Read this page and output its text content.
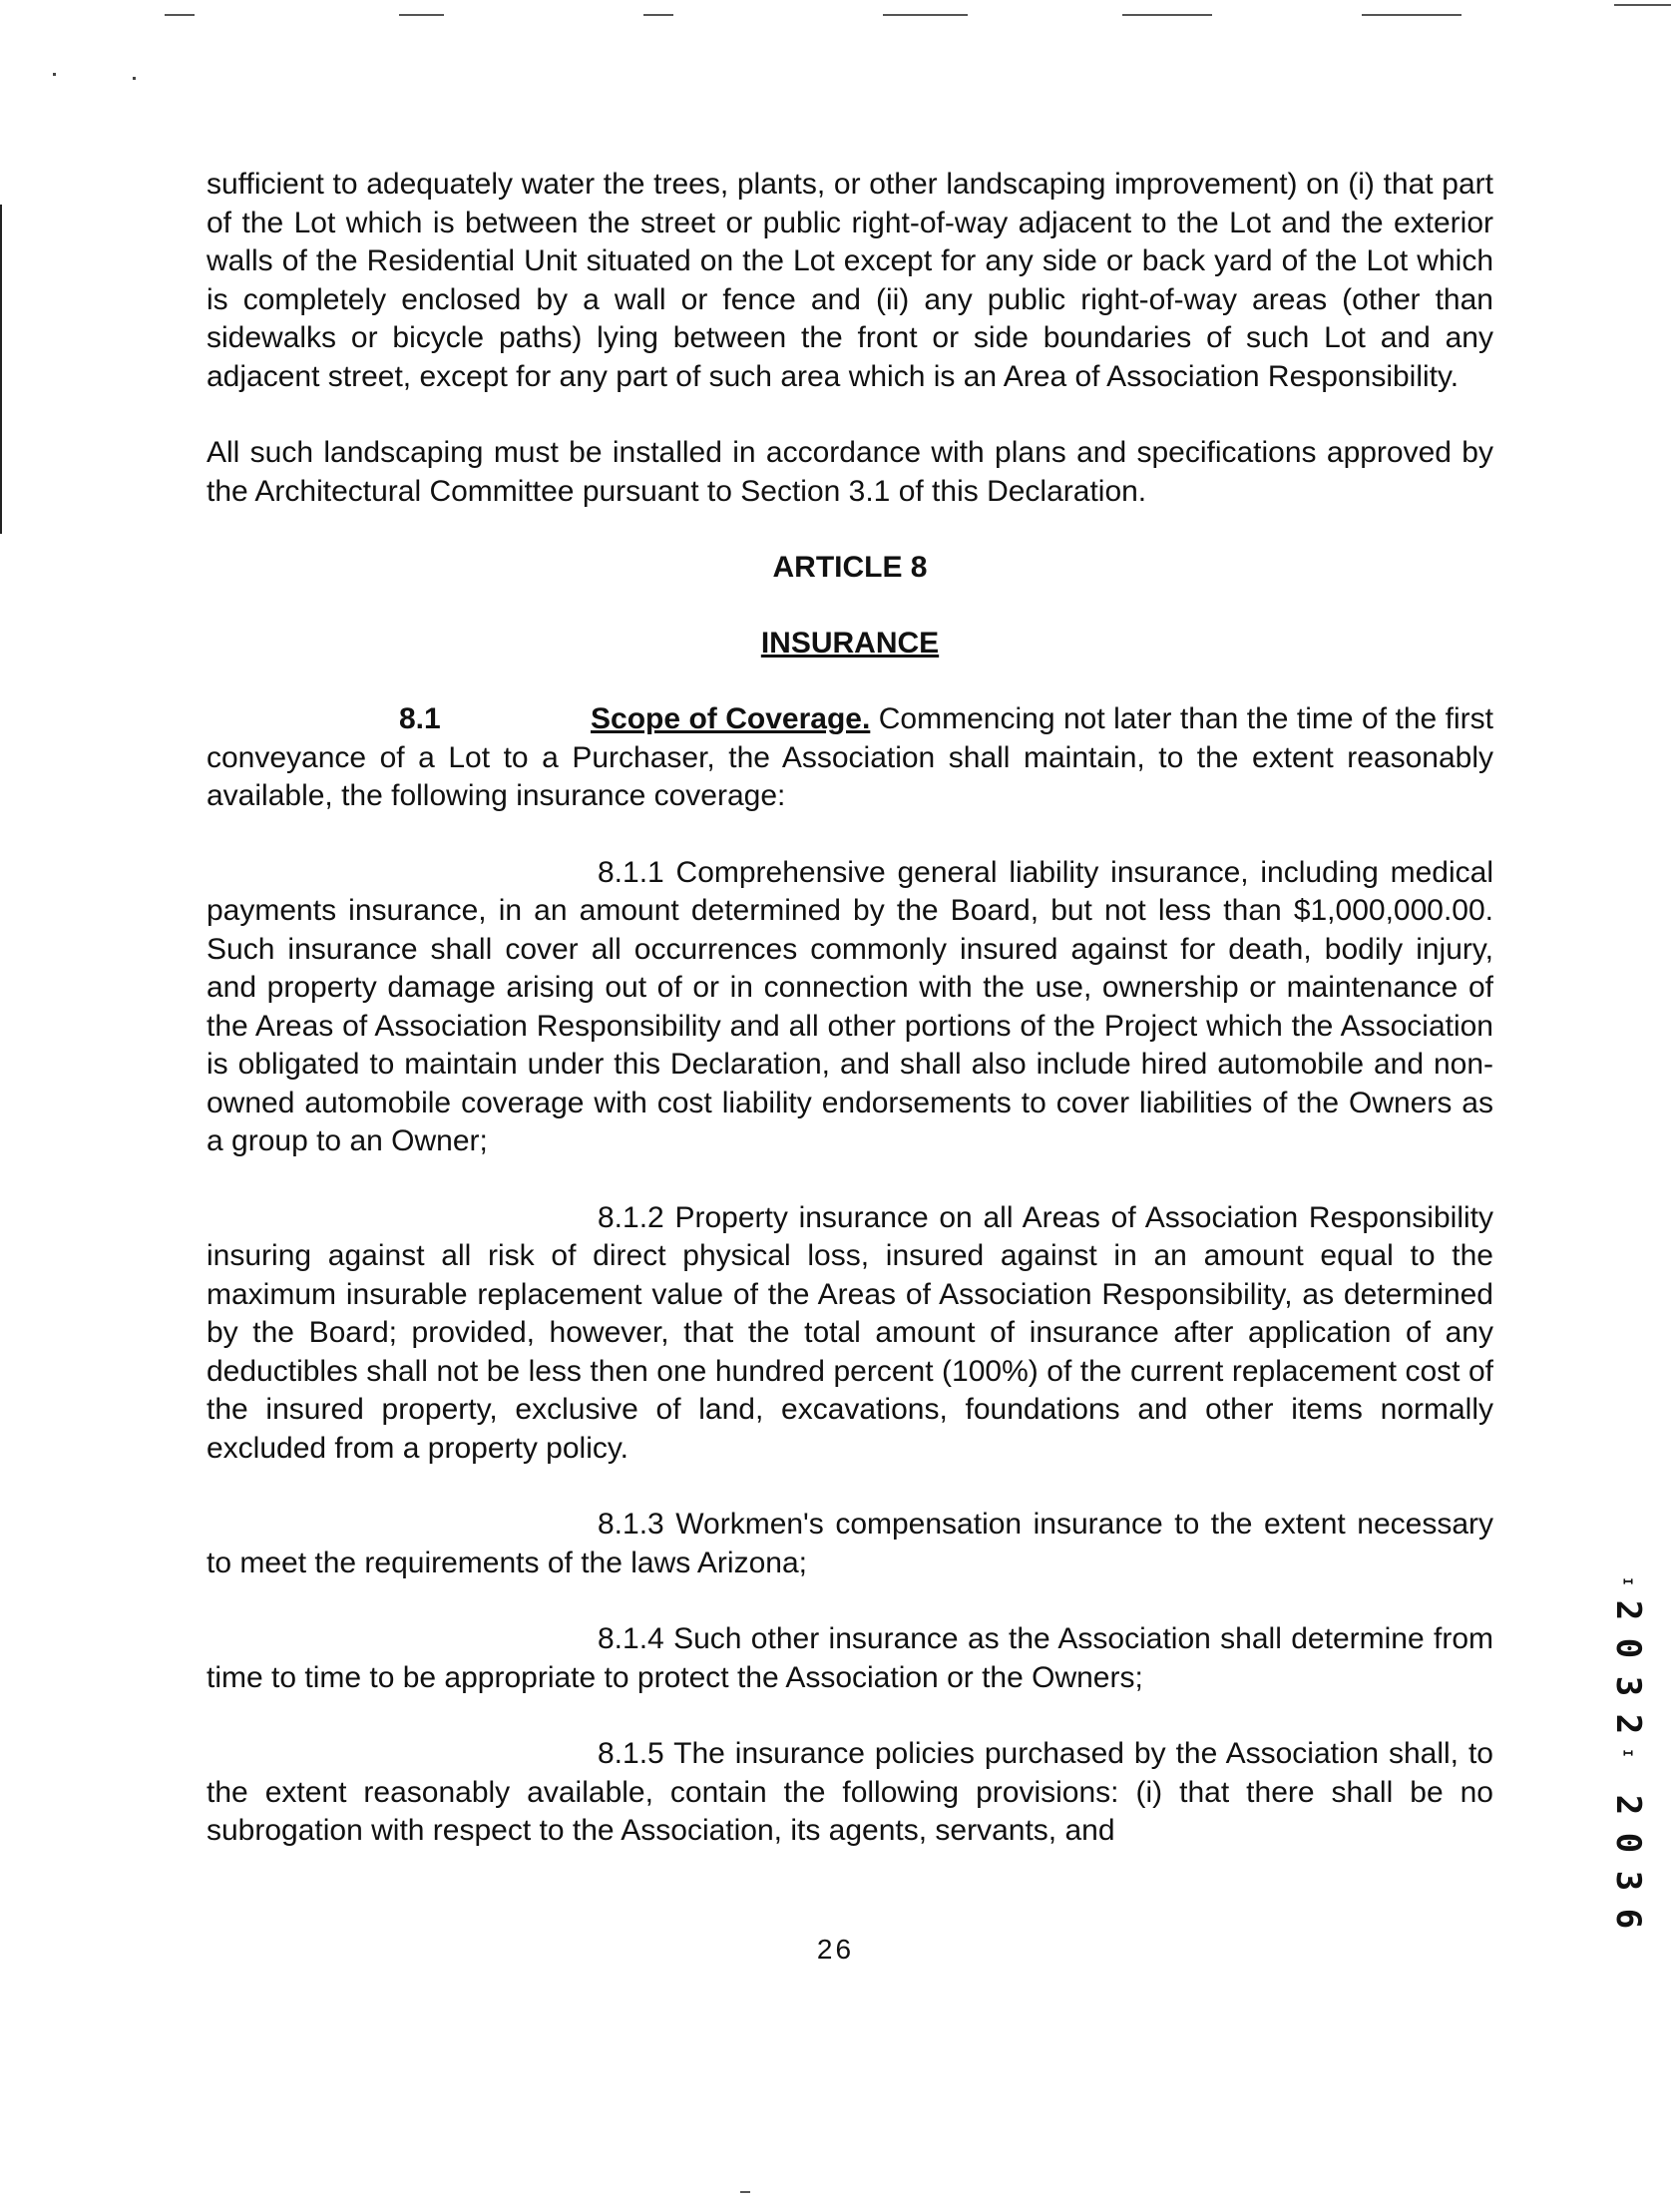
sufficient to adequately water the trees, plants, or other landscaping improvement) on (i) that part of the Lot which is between the street or public right-of-way adjacent to the Lot and the exterior walls of the Residential Unit situated on the Lot except for any side or back yard of the Lot which is completely enclosed by a wall or fence and (ii) any public right-of-way areas (other than sidewalks or bicycle paths) lying between the front or side boundaries of such Lot and any adjacent street, except for any part of such area which is an Area of Association Responsibility.

All such landscaping must be installed in accordance with plans and specifications approved by the Architectural Committee pursuant to Section 3.1 of this Declaration.

ARTICLE 8

INSURANCE

8.1	Scope of Coverage. Commencing not later than the time of the first conveyance of a Lot to a Purchaser, the Association shall maintain, to the extent reasonably available, the following insurance coverage:

8.1.1 Comprehensive general liability insurance, including medical payments insurance, in an amount determined by the Board, but not less than $1,000,000.00. Such insurance shall cover all occurrences commonly insured against for death, bodily injury, and property damage arising out of or in connection with the use, ownership or maintenance of the Areas of Association Responsibility and all other portions of the Project which the Association is obligated to maintain under this Declaration, and shall also include hired automobile and non-owned automobile coverage with cost liability endorsements to cover liabilities of the Owners as a group to an Owner;

8.1.2 Property insurance on all Areas of Association Responsibility insuring against all risk of direct physical loss, insured against in an amount equal to the maximum insurable replacement value of the Areas of Association Responsibility, as determined by the Board; provided, however, that the total amount of insurance after application of any deductibles shall not be less then one hundred percent (100%) of the current replacement cost of the insured property, exclusive of land, excavations, foundations and other items normally excluded from a property policy.

8.1.3 Workmen's compensation insurance to the extent necessary to meet the requirements of the laws Arizona;

8.1.4 Such other insurance as the Association shall determine from time to time to be appropriate to protect the Association or the Owners;

8.1.5 The insurance policies purchased by the Association shall, to the extent reasonably available, contain the following provisions: (i) that there shall be no subrogation with respect to the Association, its agents, servants, and

26
I
2
0
3
2
I
2
0
3
6
